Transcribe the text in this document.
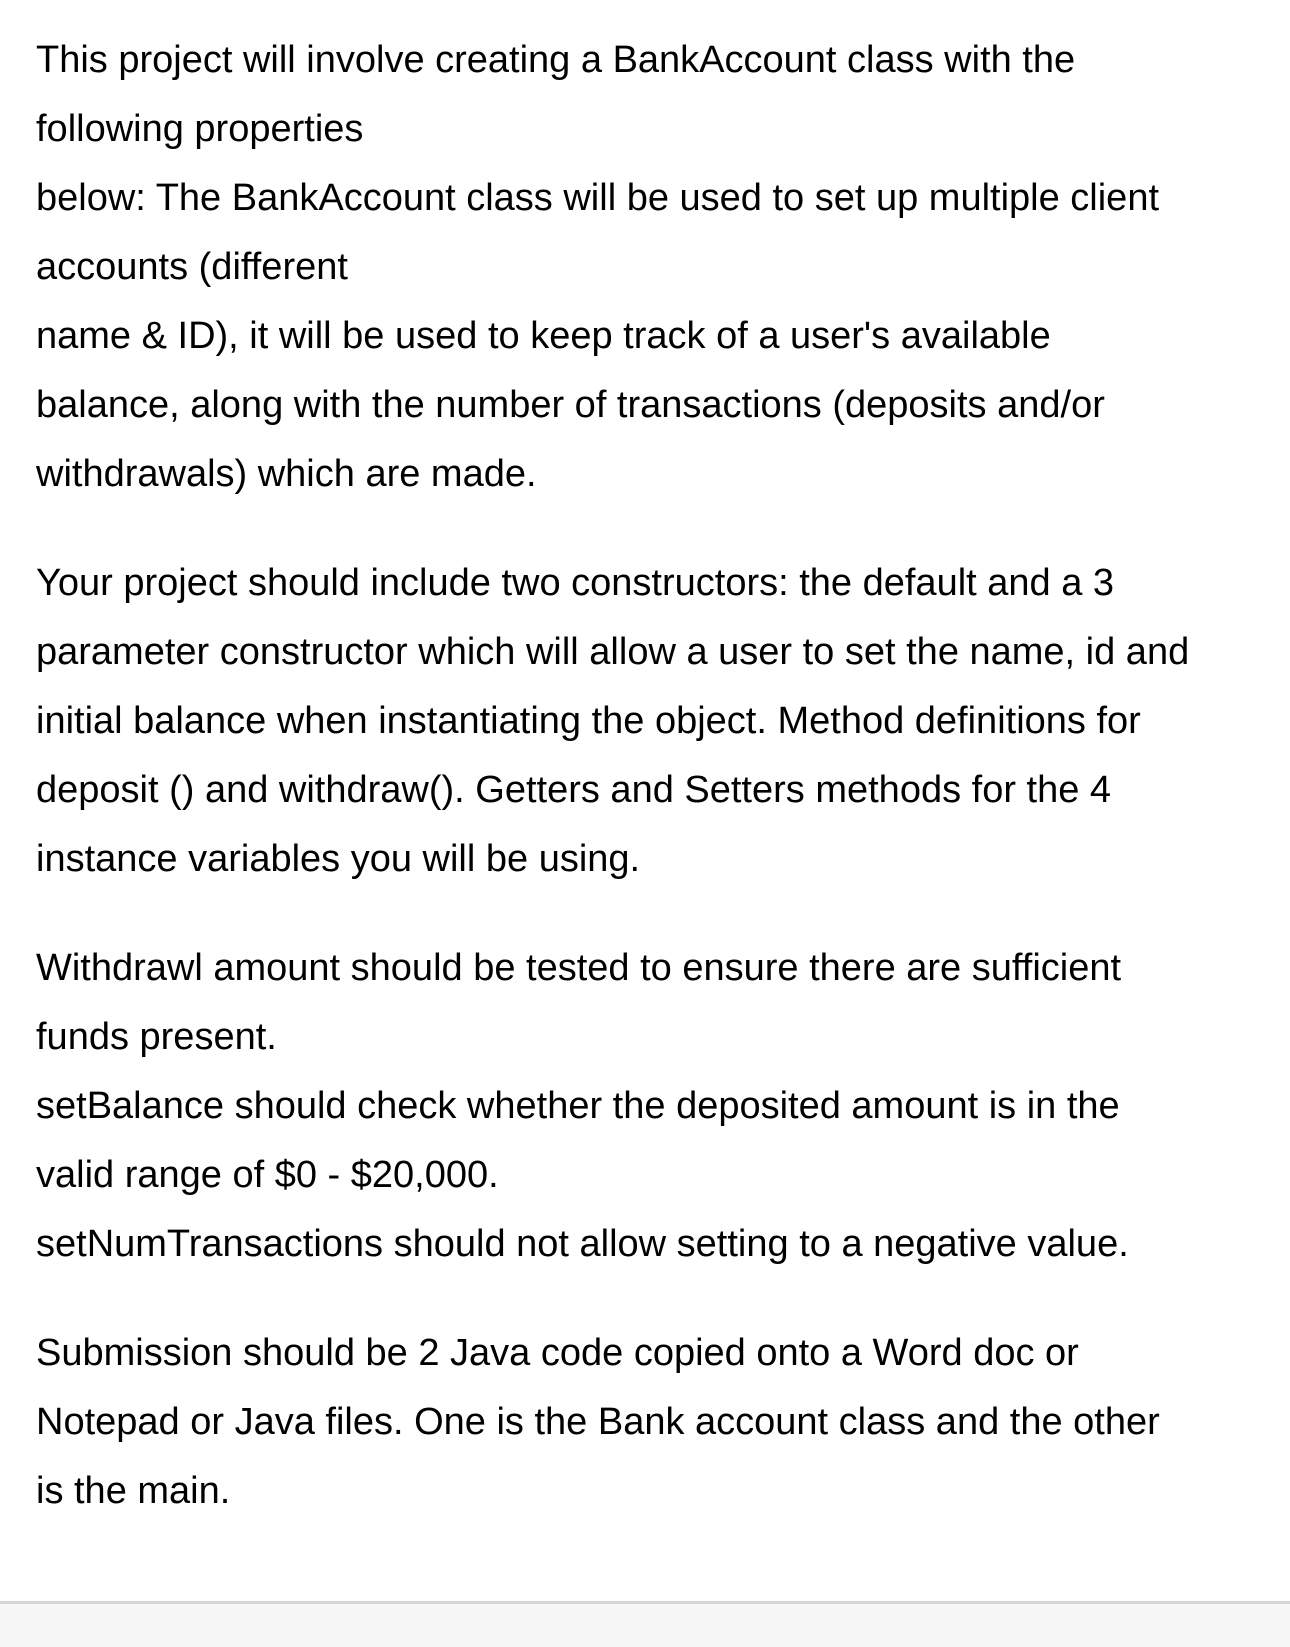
This project will involve creating a BankAccount class with the
following properties
below: The BankAccount class will be used to set up multiple client
accounts (different
name & ID), it will be used to keep track of a user's available
balance, along with the number of transactions (deposits and/or
withdrawals) which are made.
Your project should include two constructors: the default and a 3
parameter constructor which will allow a user to set the name, id and
initial balance when instantiating the object. Method definitions for
deposit () and withdraw(). Getters and Setters methods for the 4
instance variables you will be using.
Withdrawl amount should be tested to ensure there are sufficient
funds present.
setBalance should check whether the deposited amount is in the
valid range of $0 - $20,000.
setNumTransactions should not allow setting to a negative value.
Submission should be 2 Java code copied onto a Word doc or
Notepad or Java files. One is the Bank account class and the other
is the main.
